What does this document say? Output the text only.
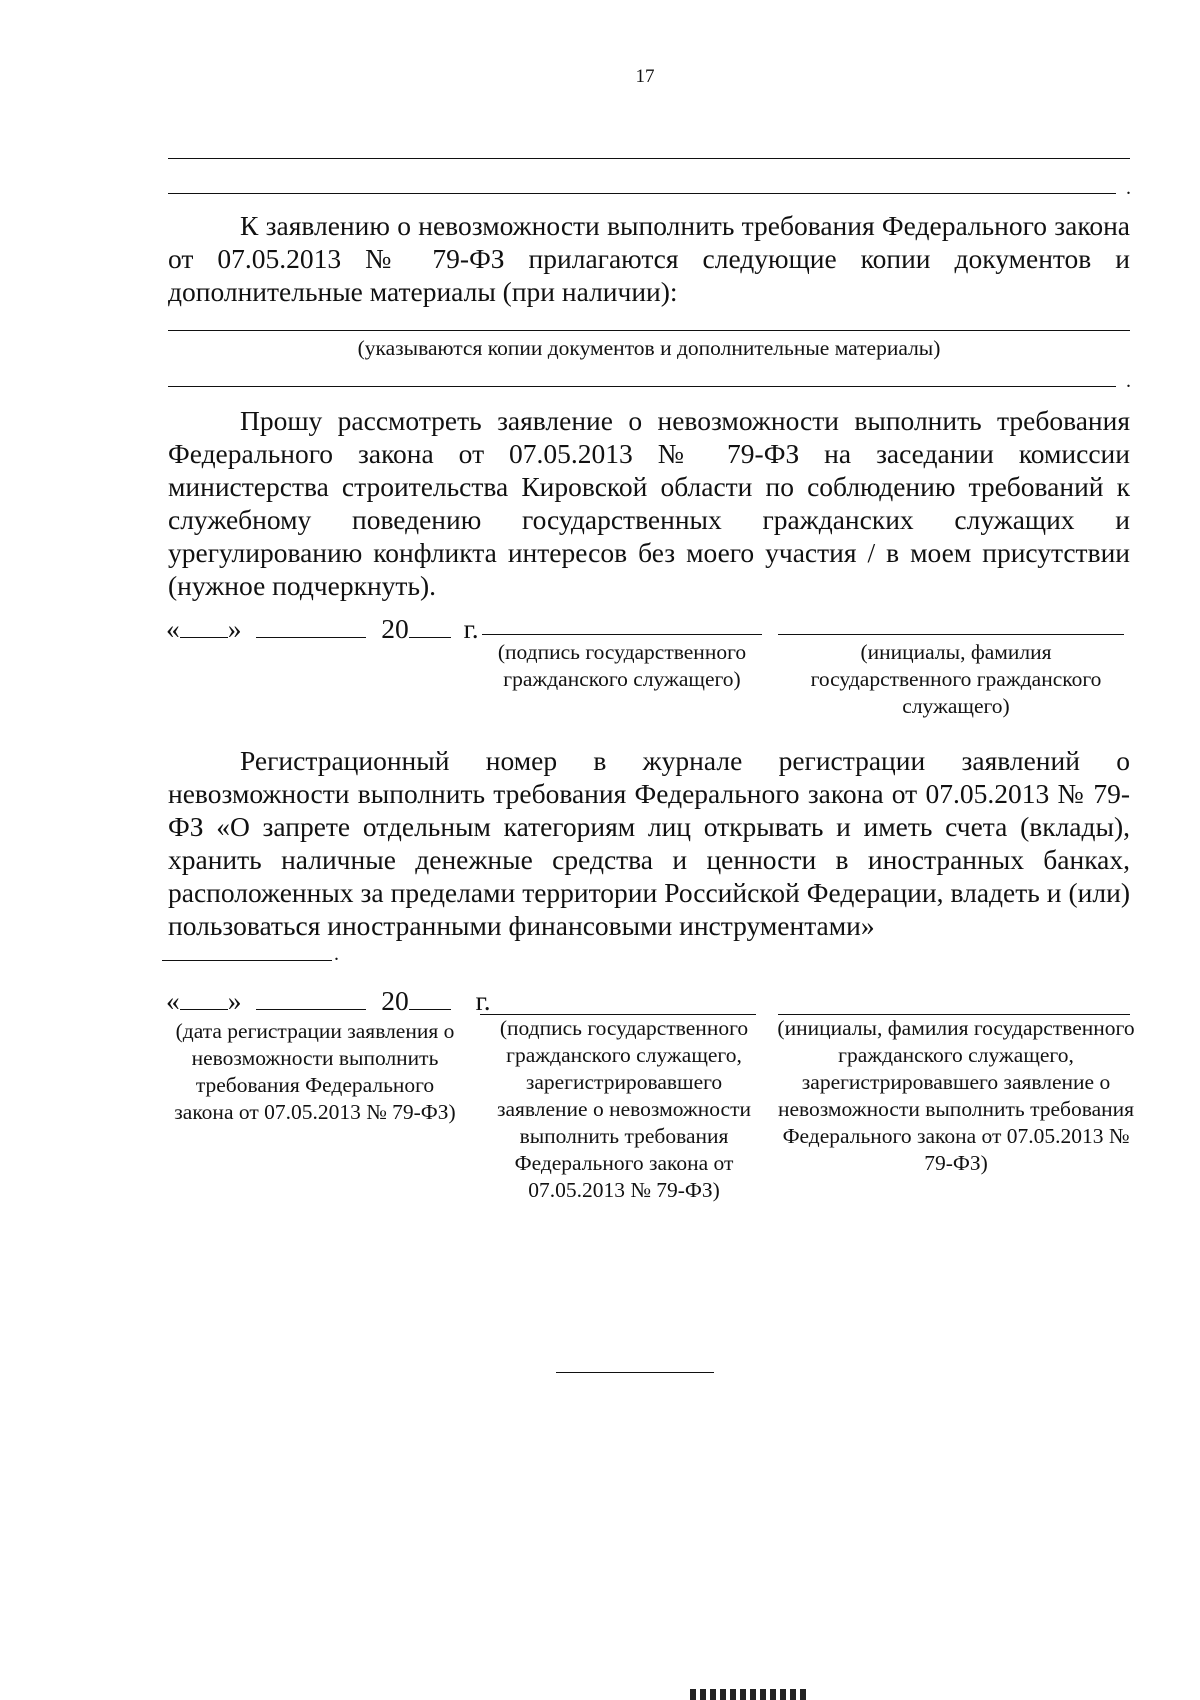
17
.

К заявлению о невозможности выполнить требования Федерального закона от 07.05.2013 № 79-ФЗ прилагаются следующие копии документов и дополнительные материалы (при наличии):

(указываются копии документов и дополнительные материалы)
.

Прошу рассмотреть заявление о невозможности выполнить требования Федерального закона от 07.05.2013 № 79-ФЗ на заседании комиссии министерства строительства Кировской области по соблюдению требований к служебному поведению государственных гражданских служащих и урегулированию конфликта интересов без моего участия / в моем присутствии (нужное подчеркнуть).

« »	20 г.
(подпись государственного гражданского служащего)
(инициалы, фамилия государственного гражданского служащего)

Регистрационный номер в журнале регистрации заявлений о невозможности выполнить требования Федерального закона от 07.05.2013 № 79-ФЗ «О запрете отдельным категориям лиц открывать и иметь счета (вклады), хранить наличные денежные средства и ценности в иностранных банках, расположенных за пределами территории Российской Федерации, владеть и (или) пользоваться иностранными финансовыми инструментами»

.
« »	20 г.
(дата регистрации заявления о невозможности выполнить требования Федерального закона от 07.05.2013 № 79-ФЗ)
(подпись государственного гражданского служащего, зарегистрировавшего заявление о невозможности выполнить требования Федерального закона от 07.05.2013 № 79-ФЗ)
(инициалы, фамилия государственного гражданского служащего, зарегистрировавшего заявление о невозможности выполнить требования Федерального закона от 07.05.2013 № 79-ФЗ)
